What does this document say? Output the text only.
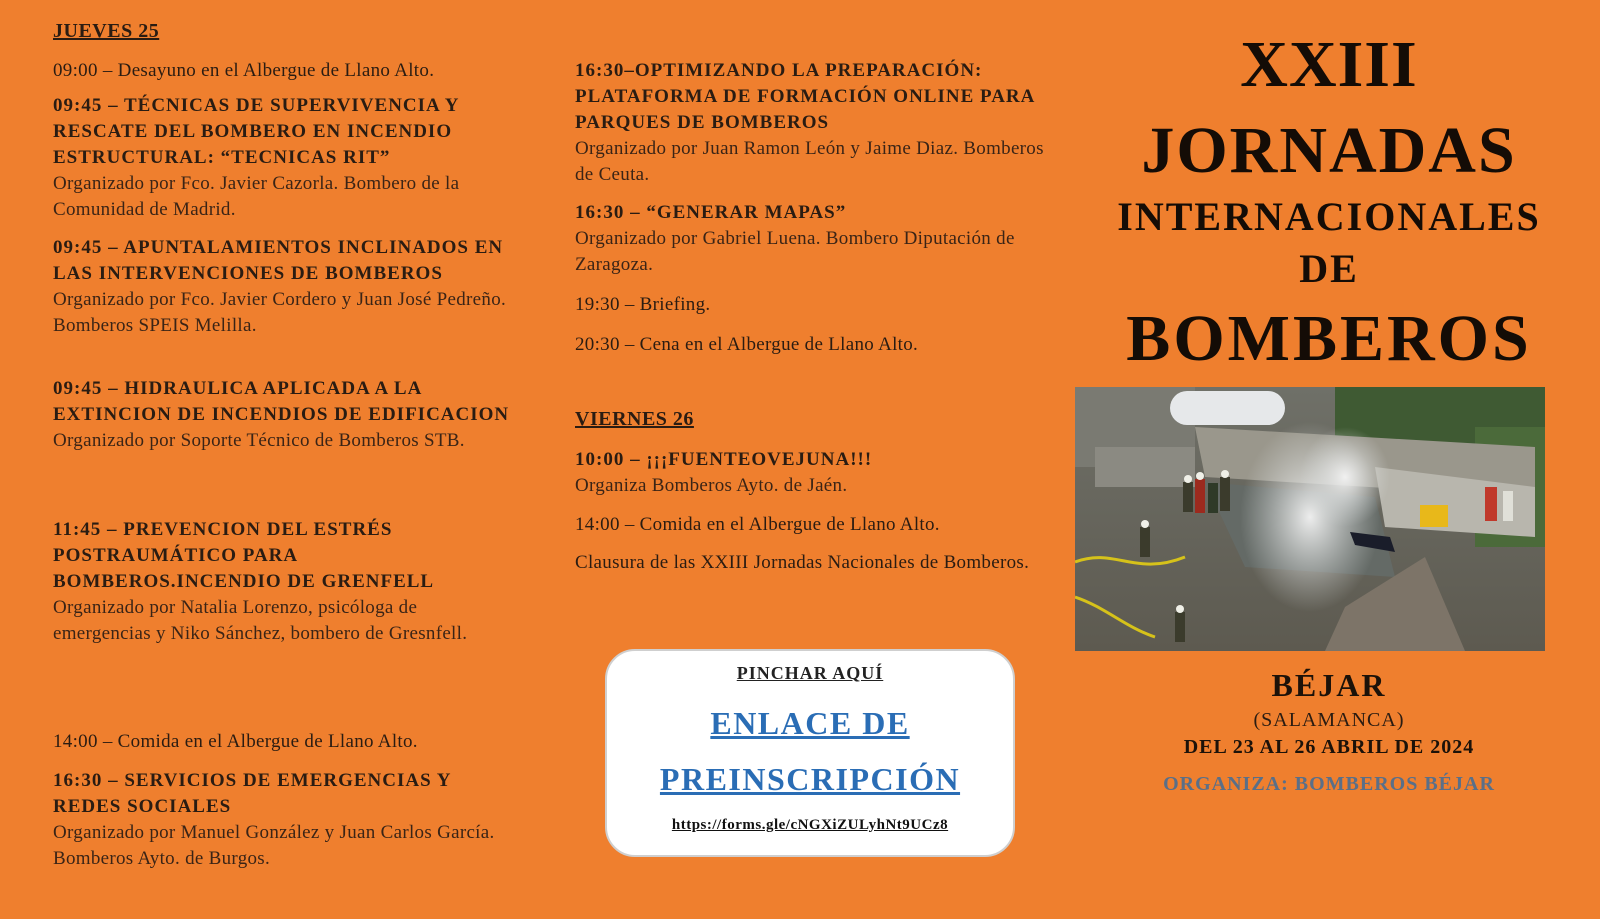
JUEVES 25

09:00 – Desayuno en el Albergue de Llano Alto.

09:45 – TÉCNICAS DE SUPERVIVENCIA Y RESCATE DEL BOMBERO EN INCENDIO ESTRUCTURAL: “TECNICAS RIT”

Organizado por Fco. Javier Cazorla. Bombero de la Comunidad de Madrid.

09:45 – APUNTALAMIENTOS INCLINADOS EN LAS INTERVENCIONES DE BOMBEROS

Organizado por Fco. Javier Cordero y Juan José Pedreño. Bomberos SPEIS Melilla.

09:45 – HIDRAULICA APLICADA A LA EXTINCION DE INCENDIOS DE EDIFICACION

Organizado por Soporte Técnico de Bomberos STB.

11:45 – PREVENCION DEL ESTRÉS POSTRAUMÁTICO PARA BOMBEROS.INCENDIO DE GRENFELL

Organizado por Natalia Lorenzo, psicóloga de emergencias y Niko Sánchez, bombero de Gresnfell.

14:00 – Comida en el Albergue de Llano Alto.

16:30 – SERVICIOS DE EMERGENCIAS Y REDES SOCIALES

Organizado por Manuel González y Juan Carlos García. Bomberos Ayto. de Burgos.

16:30–OPTIMIZANDO LA PREPARACIÓN: PLATAFORMA DE FORMACIÓN ONLINE PARA PARQUES DE BOMBEROS

Organizado por Juan Ramon León y Jaime Diaz. Bomberos de Ceuta.

16:30 – “GENERAR MAPAS”

Organizado por Gabriel Luena. Bombero Diputación de Zaragoza.

19:30 – Briefing.

20:30 – Cena en el Albergue de Llano Alto.

VIERNES 26

10:00 – ¡¡¡FUENTEOVEJUNA!!!

Organiza Bomberos Ayto. de Jaén.

14:00 – Comida en el Albergue de Llano Alto.

Clausura de las XXIII Jornadas Nacionales de Bomberos.

PINCHAR AQUÍ
ENLACE DE
PREINSCRIPCIÓN
https://forms.gle/cNGXiZULyhNt9UCz8
XXIII
JORNADAS
INTERNACIONALES
DE
BOMBEROS
BÉJAR
(SALAMANCA)
DEL 23 AL 26 ABRIL DE 2024
ORGANIZA: BOMBEROS BÉJAR
